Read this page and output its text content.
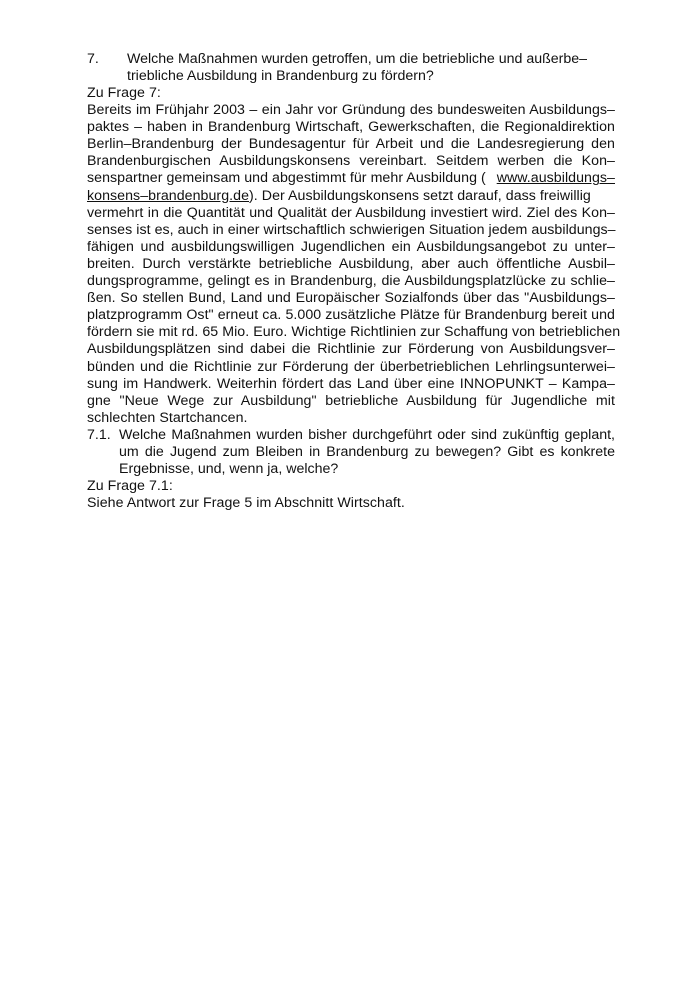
7. Welche Maßnahmen wurden getroffen, um die betriebliche und außerbe–
triebliche Ausbildung in Brandenburg zu fördern?
Zu Frage 7:
Bereits im Frühjahr 2003 – ein Jahr vor Gründung des bundesweiten Ausbildungs–
paktes – haben in Brandenburg Wirtschaft, Gewerkschaften, die Regionaldirektion
Berlin–Brandenburg der Bundesagentur für Arbeit und die Landesregierung den
Brandenburgischen Ausbildungskonsens vereinbart. Seitdem werben die Kon–
senspartner gemeinsam und abgestimmt für mehr Ausbildung ( www.ausbildungs–
konsens–brandenburg.de). Der Ausbildungskonsens setzt darauf, dass freiwillig
vermehrt in die Quantität und Qualität der Ausbildung investiert wird. Ziel des Kon–
senses ist es, auch in einer wirtschaftlich schwierigen Situation jedem ausbildungs–
fähigen und ausbildungswilligen Jugendlichen ein Ausbildungsangebot zu unter–
breiten. Durch verstärkte betriebliche Ausbildung, aber auch öffentliche Ausbil–
dungsprogramme, gelingt es in Brandenburg, die Ausbildungsplatzlücke zu schlie–
ßen. So stellen Bund, Land und Europäischer Sozialfonds über das "Ausbildungs–
platzprogramm Ost" erneut ca. 5.000 zusätzliche Plätze für Brandenburg bereit und
fördern sie mit rd. 65 Mio. Euro. Wichtige Richtlinien zur Schaffung von betrieblichen
Ausbildungsplätzen sind dabei die Richtlinie zur Förderung von Ausbildungsver–
bünden und die Richtlinie zur Förderung der überbetrieblichen Lehrlingsunterwei–
sung im Handwerk. Weiterhin fördert das Land über eine INNOPUNKT – Kampa–
gne "Neue Wege zur Ausbildung" betriebliche Ausbildung für Jugendliche mit
schlechten Startchancen.
7.1. Welche Maßnahmen wurden bisher durchgeführt oder sind zukünftig geplant,
um die Jugend zum Bleiben in Brandenburg zu bewegen? Gibt es konkrete
Ergebnisse, und, wenn ja, welche?
Zu Frage 7.1:
Siehe Antwort zur Frage 5 im Abschnitt Wirtschaft.
